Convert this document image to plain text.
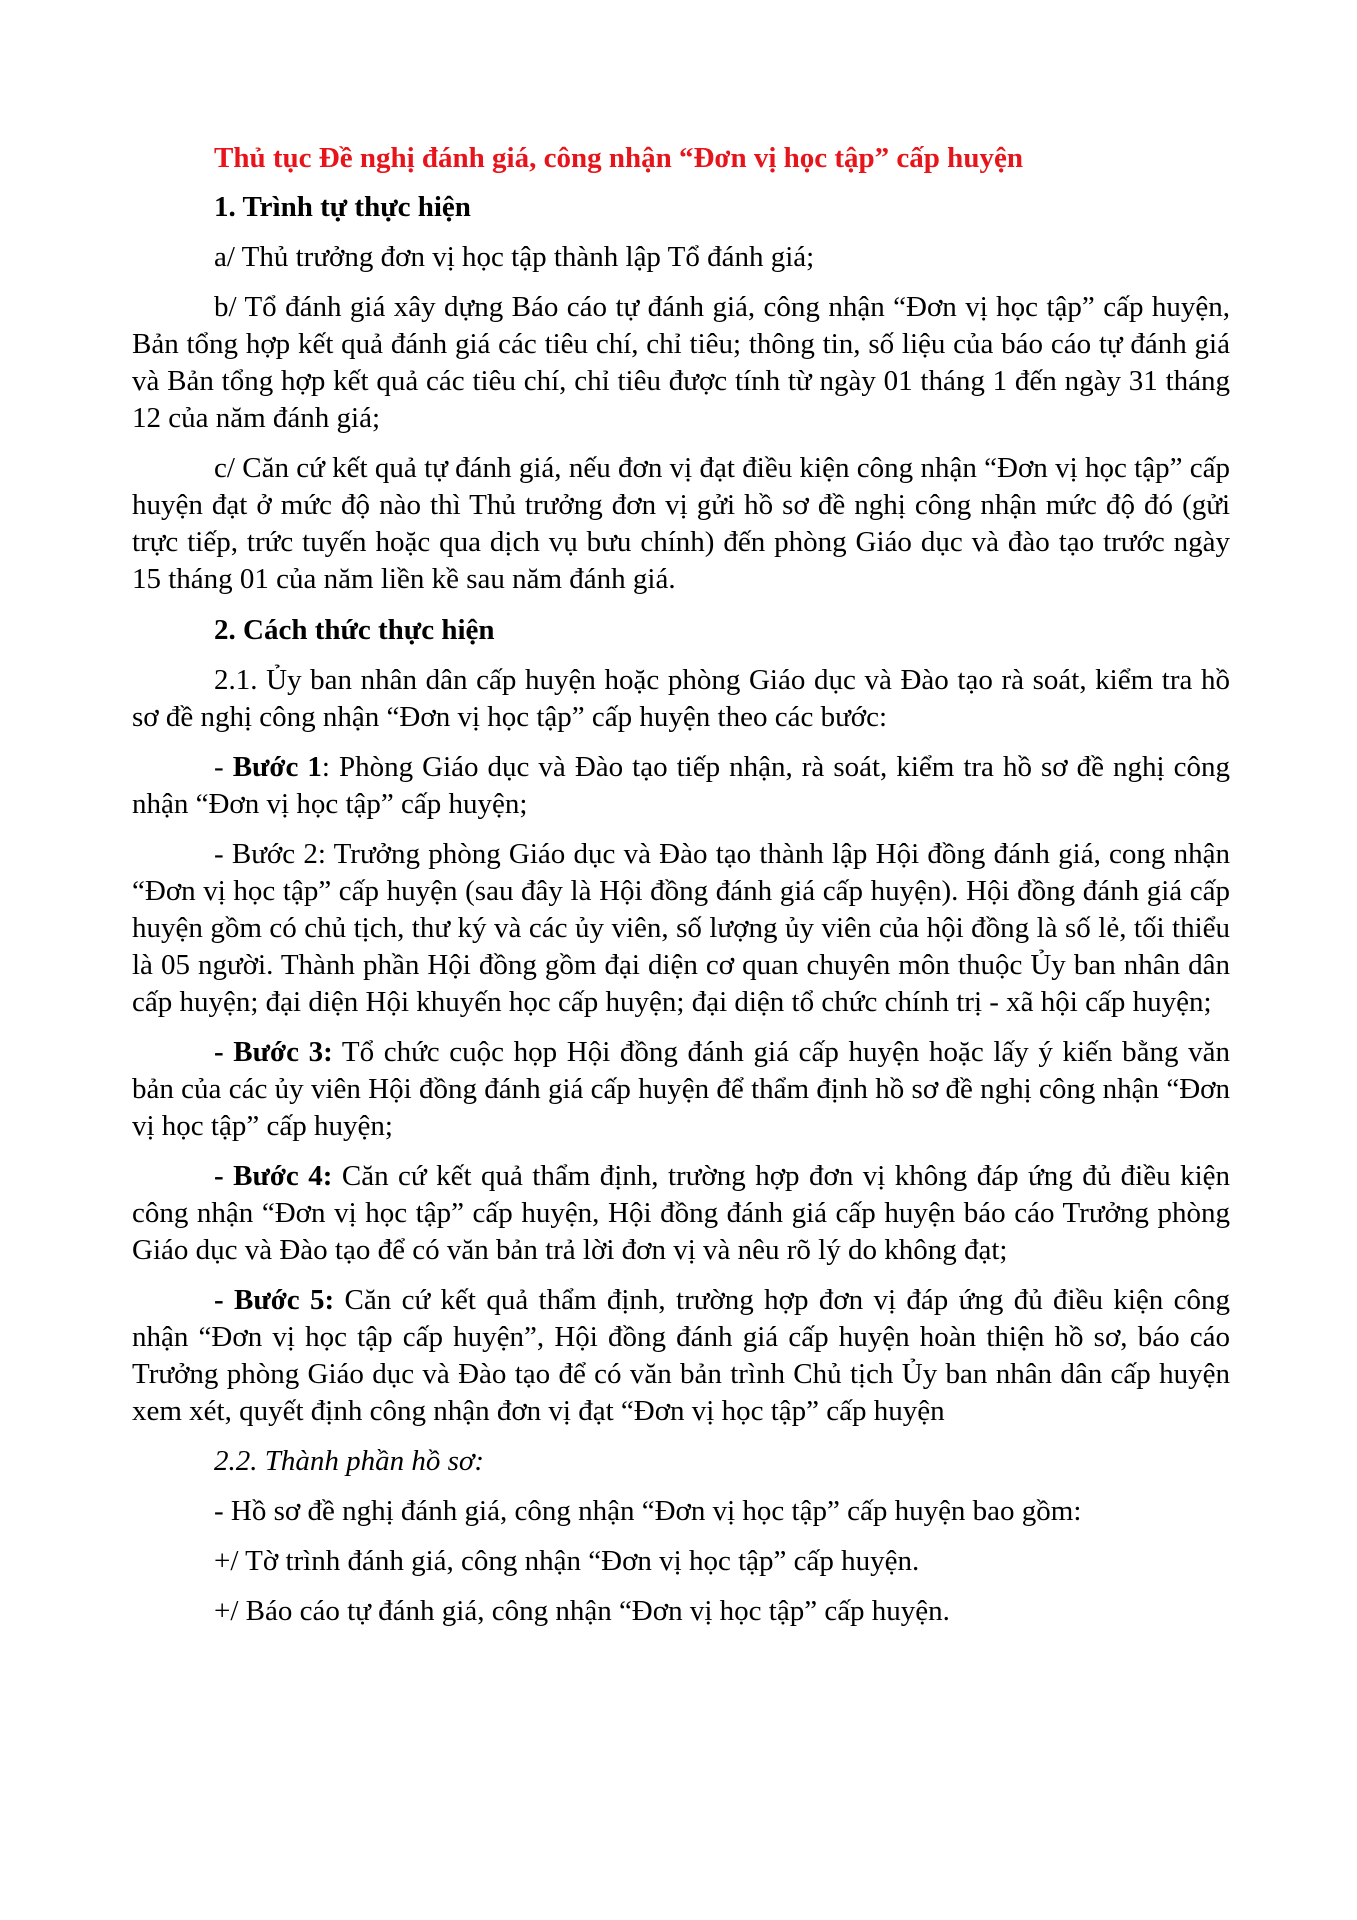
Thủ tục Đề nghị đánh giá, công nhận “Đơn vị học tập” cấp huyện
1. Trình tự thực hiện
a/ Thủ trưởng đơn vị học tập thành lập Tổ đánh giá;
b/ Tổ đánh giá xây dựng Báo cáo tự đánh giá, công nhận “Đơn vị học tập” cấp huyện, Bản tổng hợp kết quả đánh giá các tiêu chí, chỉ tiêu; thông tin, số liệu của báo cáo tự đánh giá và Bản tổng hợp kết quả các tiêu chí, chỉ tiêu được tính từ ngày 01 tháng 1 đến ngày 31 tháng 12 của năm đánh giá;
c/ Căn cứ kết quả tự đánh giá, nếu đơn vị đạt điều kiện công nhận “Đơn vị học tập” cấp huyện đạt ở mức độ nào thì Thủ trưởng đơn vị gửi hồ sơ đề nghị công nhận mức độ đó (gửi trực tiếp, trức tuyến hoặc qua dịch vụ bưu chính) đến phòng Giáo dục và đào tạo trước ngày 15 tháng 01 của năm liền kề sau năm đánh giá.
2. Cách thức thực hiện
2.1. Ủy ban nhân dân cấp huyện hoặc phòng Giáo dục và Đào tạo rà soát, kiểm tra hồ sơ đề nghị công nhận “Đơn vị học tập” cấp huyện theo các bước:
- Bước 1: Phòng Giáo dục và Đào tạo tiếp nhận, rà soát, kiểm tra hồ sơ đề nghị công nhận “Đơn vị học tập” cấp huyện;
- Bước 2: Trưởng phòng Giáo dục và Đào tạo thành lập Hội đồng đánh giá, cong nhận “Đơn vị học tập” cấp huyện (sau đây là Hội đồng đánh giá cấp huyện). Hội đồng đánh giá cấp huyện gồm có chủ tịch, thư ký và các ủy viên, số lượng ủy viên của hội đồng là số lẻ, tối thiểu là 05 người. Thành phần Hội đồng gồm đại diện cơ quan chuyên môn thuộc Ủy ban nhân dân cấp huyện; đại diện Hội khuyến học cấp huyện; đại diện tổ chức chính trị - xã hội cấp huyện;
- Bước 3: Tổ chức cuộc họp Hội đồng đánh giá cấp huyện hoặc lấy ý kiến bằng văn bản của các ủy viên Hội đồng đánh giá cấp huyện để thẩm định hồ sơ đề nghị công nhận “Đơn vị học tập” cấp huyện;
- Bước 4: Căn cứ kết quả thẩm định, trường hợp đơn vị không đáp ứng đủ điều kiện công nhận “Đơn vị học tập” cấp huyện, Hội đồng đánh giá cấp huyện báo cáo Trưởng phòng Giáo dục và Đào tạo để có văn bản trả lời đơn vị và nêu rõ lý do không đạt;
- Bước 5: Căn cứ kết quả thẩm định, trường hợp đơn vị đáp ứng đủ điều kiện công nhận “Đơn vị học tập cấp huyện”, Hội đồng đánh giá cấp huyện hoàn thiện hồ sơ, báo cáo Trưởng phòng Giáo dục và Đào tạo để có văn bản trình Chủ tịch Ủy ban nhân dân cấp huyện xem xét, quyết định công nhận đơn vị đạt “Đơn vị học tập” cấp huyện
2.2. Thành phần hồ sơ:
- Hồ sơ đề nghị đánh giá, công nhận “Đơn vị học tập” cấp huyện bao gồm:
+/ Tờ trình đánh giá, công nhận “Đơn vị học tập” cấp huyện.
+/ Báo cáo tự đánh giá, công nhận “Đơn vị học tập” cấp huyện.
